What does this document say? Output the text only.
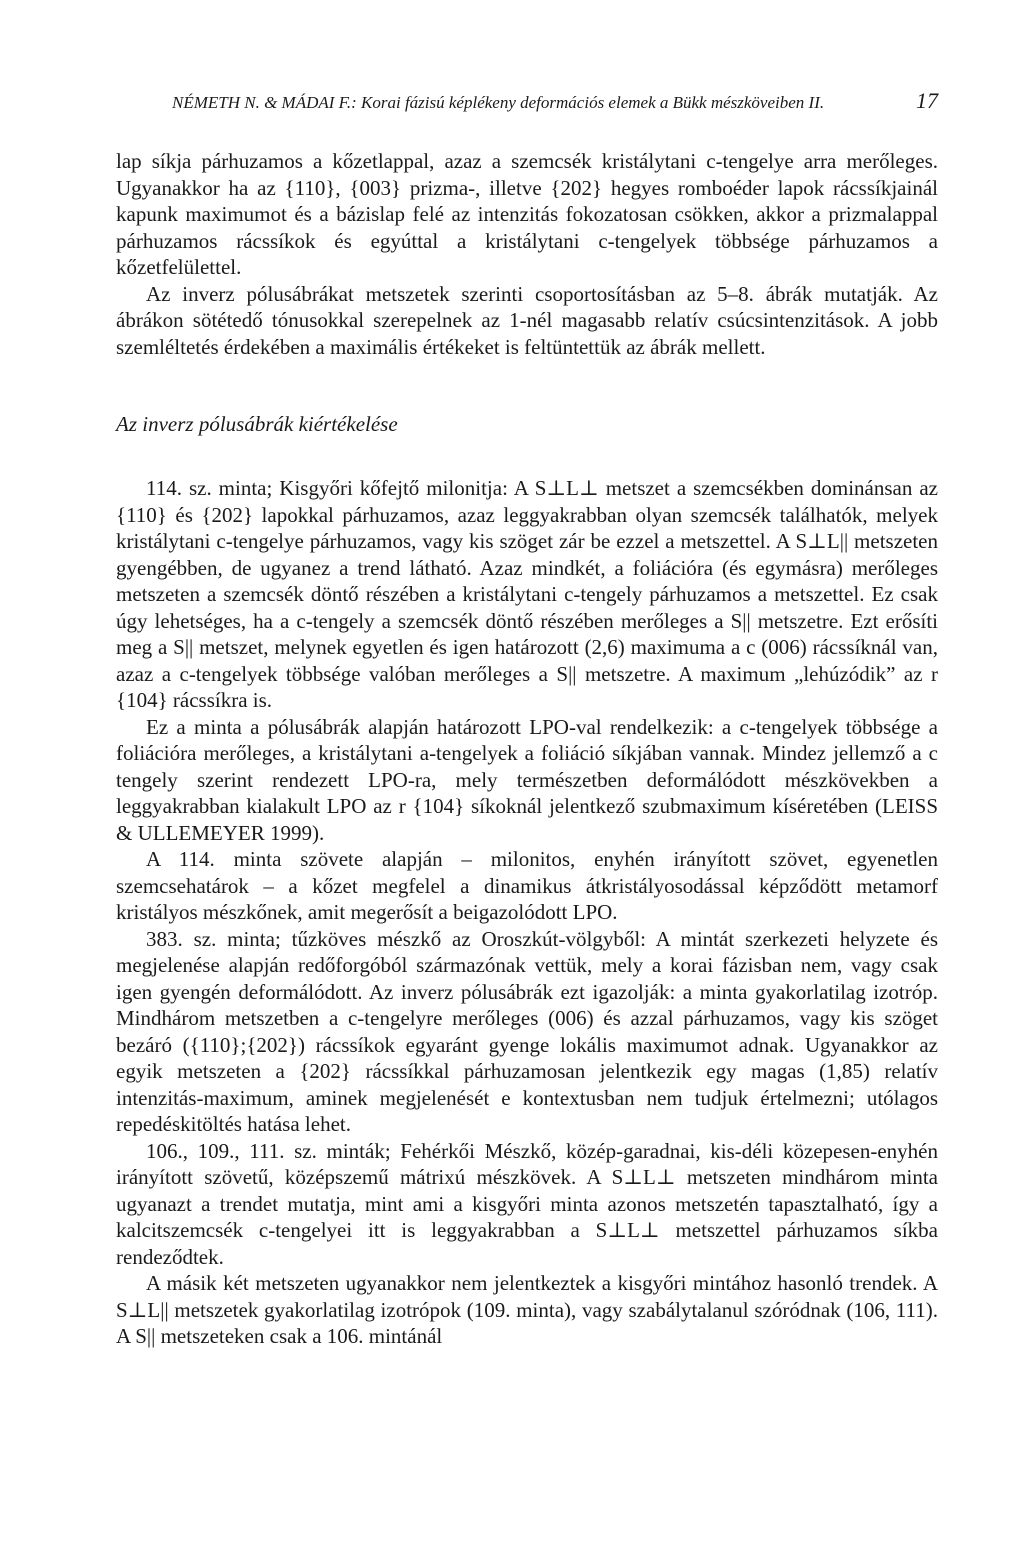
NÉMETH N. & MÁDAI F.: Korai fázisú képlékeny deformációs elemek a Bükk mészköveiben II.	17

lap síkja párhuzamos a kőzetlappal, azaz a szemcsék kristálytani c-tengelye arra merőleges. Ugyanakkor ha az {110}, {003} prizma-, illetve {202} hegyes romboéder lapok rácssíkjainál kapunk maximumot és a bázislap felé az intenzitás fokozatosan csökken, akkor a prizmalappal párhuzamos rácssíkok és egyúttal a kristálytani c-tengelyek többsége párhuzamos a kőzetfelülettel.

Az inverz pólusábrákat metszetek szerinti csoportosításban az 5–8. ábrák mutatják. Az ábrákon sötétedő tónusokkal szerepelnek az 1-nél magasabb relatív csúcsintenzitások. A jobb szemléltetés érdekében a maximális értékeket is feltüntettük az ábrák mellett.

Az inverz pólusábrák kiértékelése

114. sz. minta; Kisgyőri kőfejtő milonitja: A S⊥L⊥ metszet a szemcsékben dominánsan az {110} és {202} lapokkal párhuzamos, azaz leggyakrabban olyan szemcsék találhatók, melyek kristálytani c-tengelye párhuzamos, vagy kis szöget zár be ezzel a metszettel. A S⊥L|| metszeten gyengébben, de ugyanez a trend látható. Azaz mindkét, a foliációra (és egymásra) merőleges metszeten a szemcsék döntő részében a kristálytani c-tengely párhuzamos a metszettel. Ez csak úgy lehetséges, ha a c-tengely a szemcsék döntő részében merőleges a S|| metszetre. Ezt erősíti meg a S|| metszet, melynek egyetlen és igen határozott (2,6) maximuma a c (006) rácssíknál van, azaz a c-tengelyek többsége valóban merőleges a S|| metszetre. A maximum „lehúzódik” az r {104} rácssíkra is.

Ez a minta a pólusábrák alapján határozott LPO-val rendelkezik: a c-tengelyek többsége a foliációra merőleges, a kristálytani a-tengelyek a foliáció síkjában vannak. Mindez jellemző a c tengely szerint rendezett LPO-ra, mely természetben deformálódott mészkövekben a leggyakrabban kialakult LPO az r {104} síkoknál jelentkező szubmaximum kíséretében (LEISS & ULLEMEYER 1999).

A 114. minta szövete alapján – milonitos, enyhén irányított szövet, egyenetlen szemcsehatárok – a kőzet megfelel a dinamikus átkristályosodással képződött metamorf kristályos mészkőnek, amit megerősít a beigazolódott LPO.

383. sz. minta; tűzköves mészkő az Oroszkút-völgyből: A mintát szerkezeti helyzete és megjelenése alapján redőforgóból származónak vettük, mely a korai fázisban nem, vagy csak igen gyengén deformálódott. Az inverz pólusábrák ezt igazolják: a minta gyakorlatilag izotróp. Mindhárom metszetben a c-tengelyre merőleges (006) és azzal párhuzamos, vagy kis szöget bezáró ({110};{202}) rácssíkok egyaránt gyenge lokális maximumot adnak. Ugyanakkor az egyik metszeten a {202} rácssíkkal párhuzamosan jelentkezik egy magas (1,85) relatív intenzitás-maximum, aminek megjelenését e kontextusban nem tudjuk értelmezni; utólagos repedéskitöltés hatása lehet.

106., 109., 111. sz. minták; Fehérkői Mészkő, közép-garadnai, kis-déli közepesen-enyhén irányított szövetű, középszemű mátrixú mészkövek. A S⊥L⊥ metszeten mindhárom minta ugyanazt a trendet mutatja, mint ami a kisgyőri minta azonos metszetén tapasztalható, így a kalcitszemcsék c-tengelyei itt is leggyakrabban a S⊥L⊥ metszettel párhuzamos síkba rendeződtek.

A másik két metszeten ugyanakkor nem jelentkeztek a kisgyőri mintához hasonló trendek. A S⊥L|| metszetek gyakorlatilag izotrópok (109. minta), vagy szabálytalanul szóródnak (106, 111). A S|| metszeteken csak a 106. mintánál
